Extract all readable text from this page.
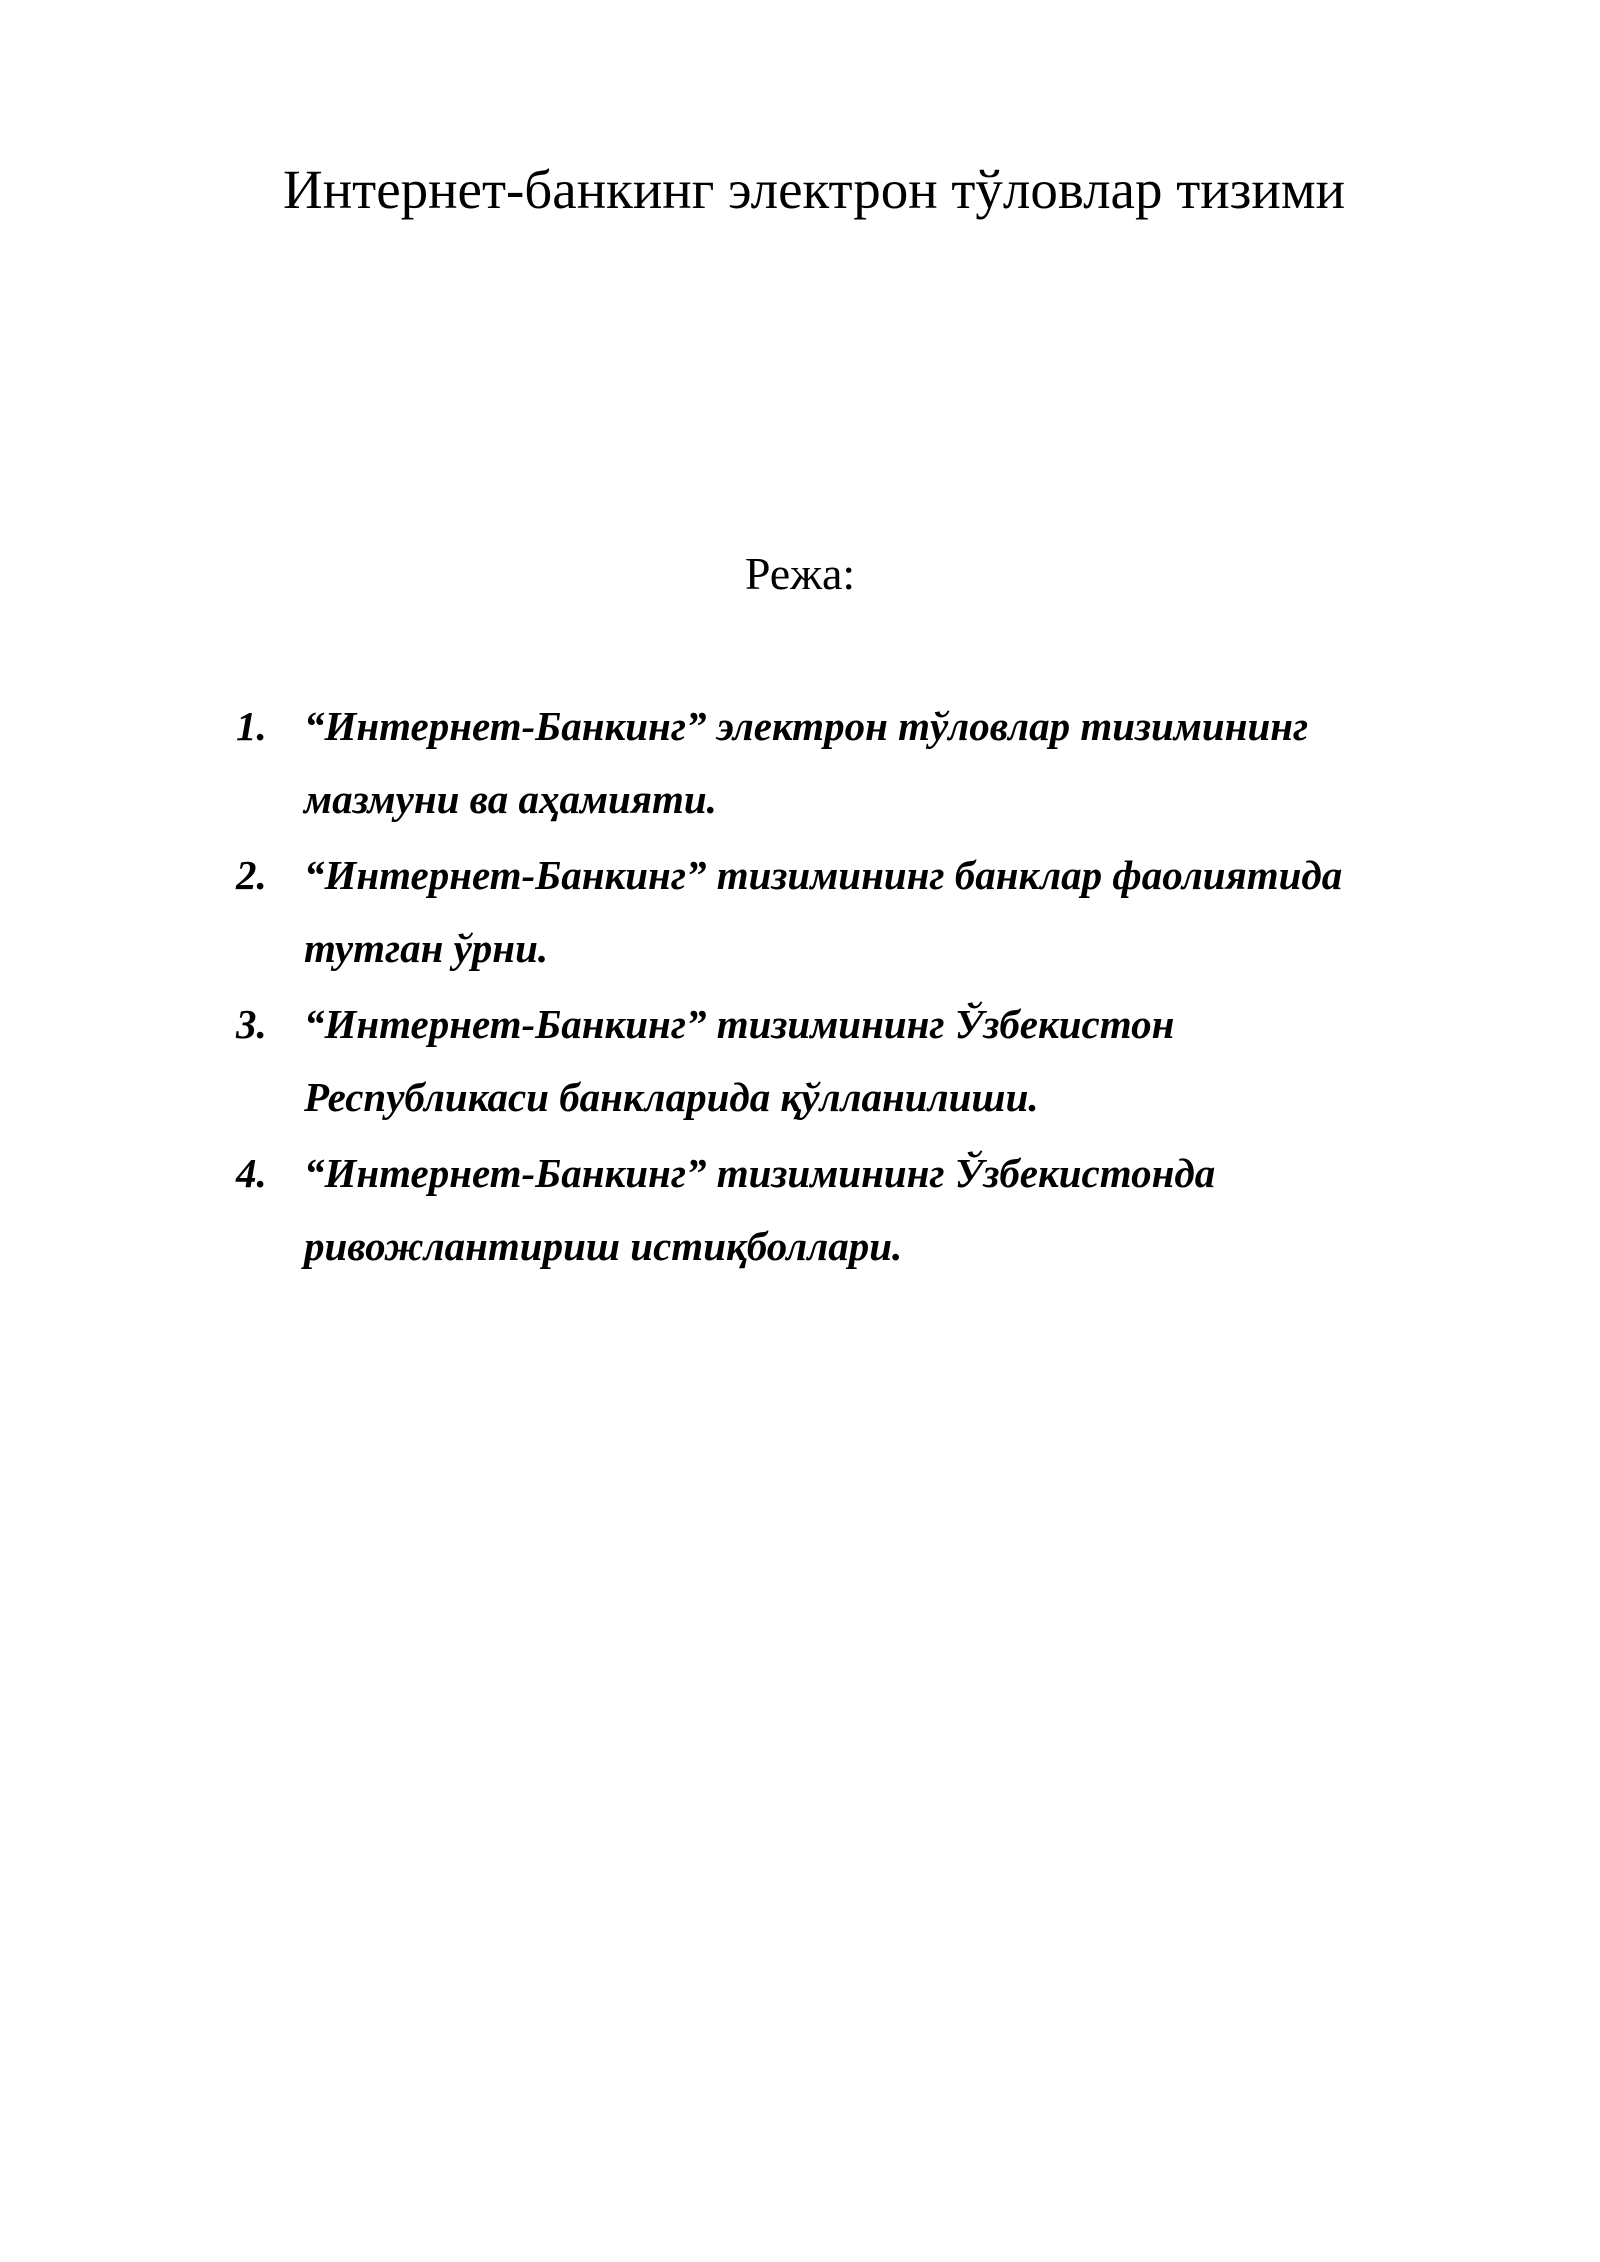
Интернет-банкинг электрон тўловлар тизими
Режа:
1. “Интернет-Банкинг” электрон тўловлар тизимининг
мазмуни ва аҳамияти.
2. “Интернет-Банкинг” тизимининг банклар фаолиятида
тутган ўрни.
3. “Интернет-Банкинг” тизимининг Ўзбекистон
Республикаси банкларида қўлланилиши.
4. “Интернет-Банкинг” тизимининг Ўзбекистонда
ривожлантириш истиқболлари.
